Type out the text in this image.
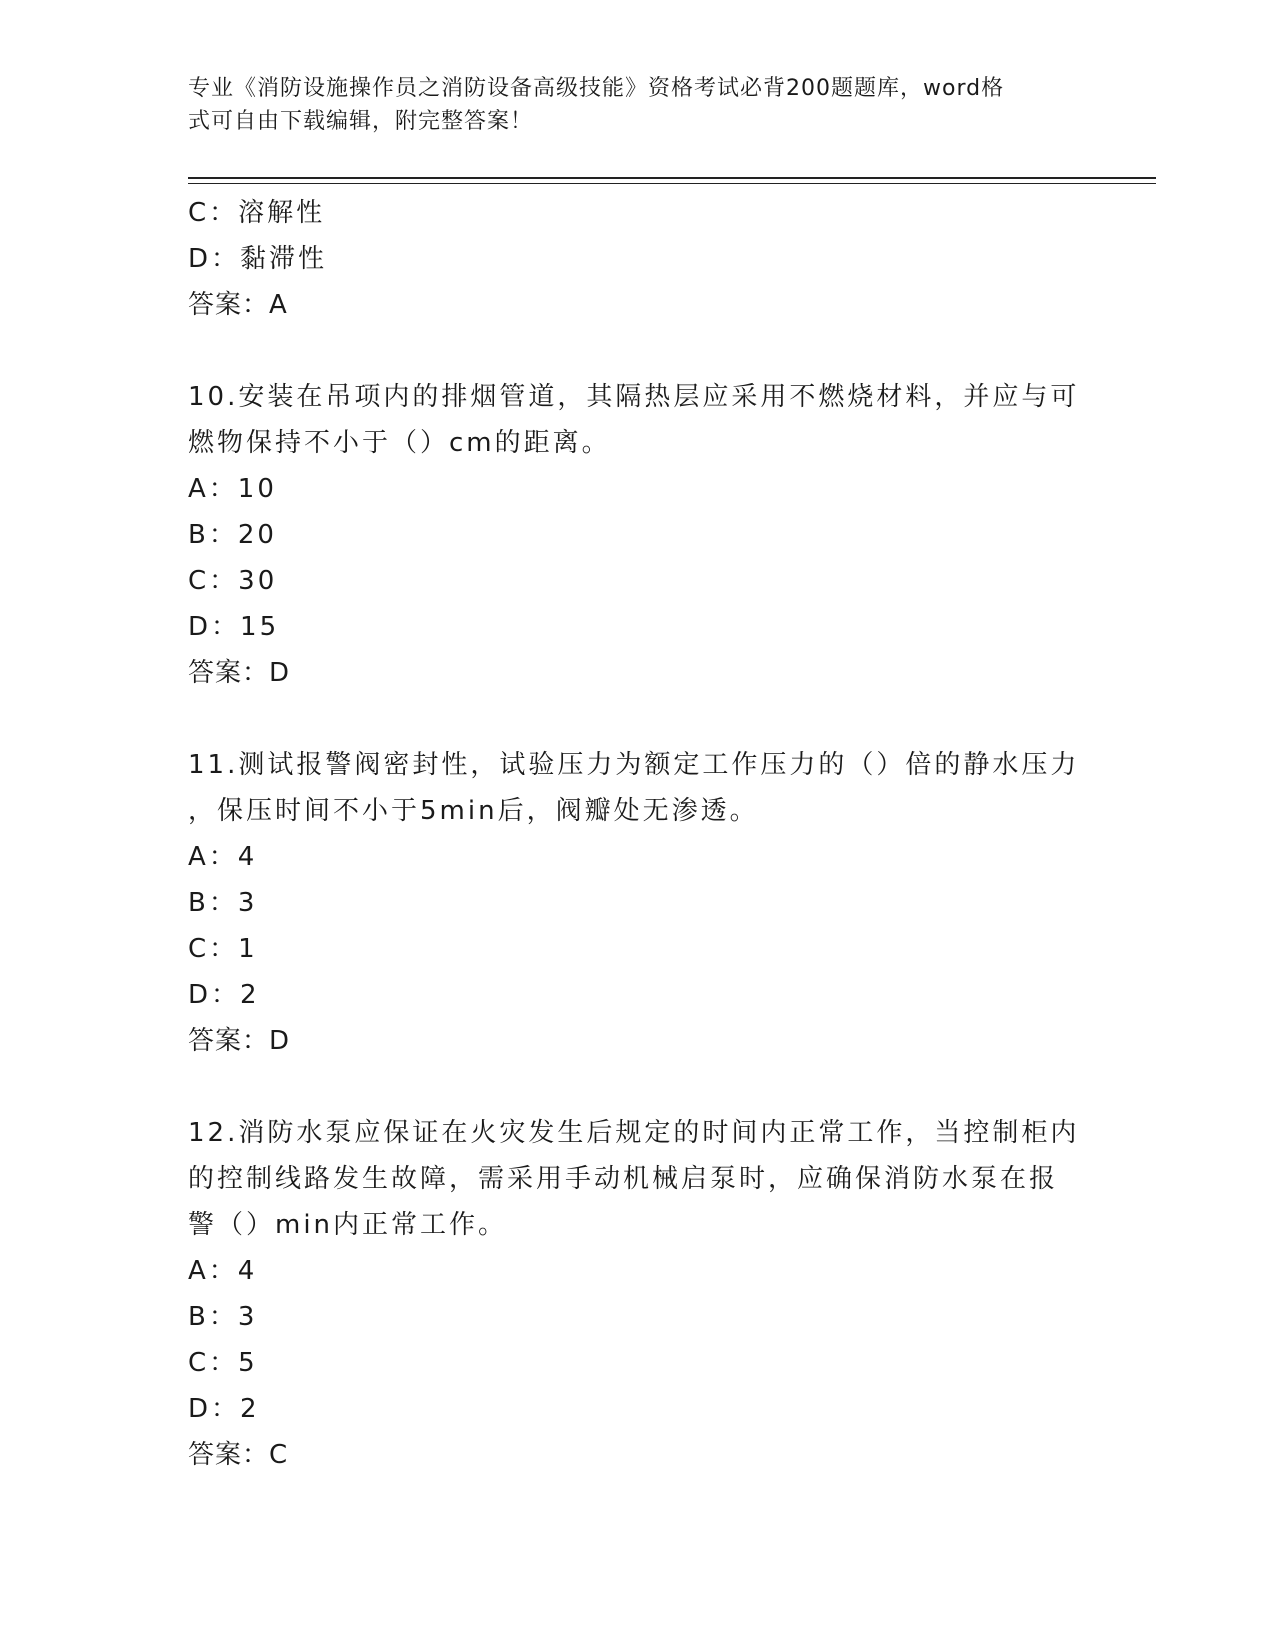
专业《消防设施操作员之消防设备高级技能》资格考试必背200题题库，word格
式可自由下载编辑，附完整答案！
C：溶解性
D：黏滞性
答案：A
10.安装在吊项内的排烟管道，其隔热层应采用不燃烧材料，并应与可
燃物保持不小于（）cm的距离。
A：10
B：20
C：30
D：15
答案：D
11.测试报警阀密封性，试验压力为额定工作压力的（）倍的静水压力
，保压时间不小于5min后，阀瓣处无渗透。
A：4
B：3
C：1
D：2
答案：D
12.消防水泵应保证在火灾发生后规定的时间内正常工作，当控制柜内
的控制线路发生故障，需采用手动机械启泵时，应确保消防水泵在报
警（）min内正常工作。
A：4
B：3
C：5
D：2
答案：C
